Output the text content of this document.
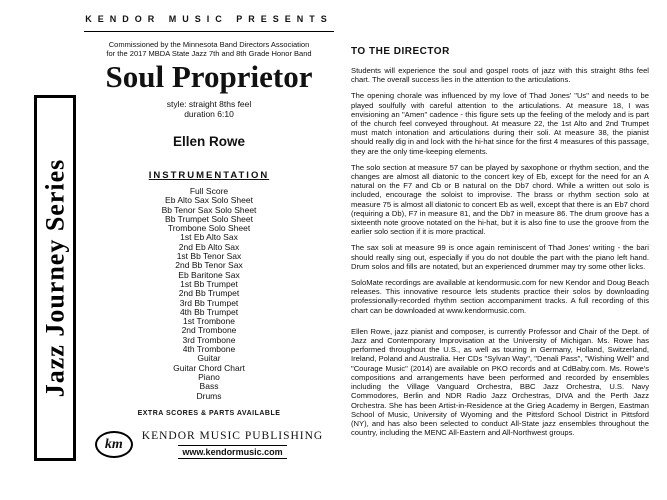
Jazz Journey Series
KENDOR MUSIC PRESENTS
Commissioned by the Minnesota Band Directors Association
for the 2017 MBDA State Jazz 7th and 8th Grade Honor Band
Soul Proprietor
style: straight 8ths feel
duration 6:10
Ellen Rowe
INSTRUMENTATION
Full Score
Eb Alto Sax Solo Sheet
Bb Tenor Sax Solo Sheet
Bb Trumpet Solo Sheet
Trombone Solo Sheet
1st Eb Alto Sax
2nd Eb Alto Sax
1st Bb Tenor Sax
2nd Bb Tenor Sax
Eb Baritone Sax
1st Bb Trumpet
2nd Bb Trumpet
3rd Bb Trumpet
4th Bb Trumpet
1st Trombone
2nd Trombone
3rd Trombone
4th Trombone
Guitar
Guitar Chord Chart
Piano
Bass
Drums
EXTRA SCORES & PARTS AVAILABLE
km
KENDOR MUSIC PUBLISHING
www.kendormusic.com
TO THE DIRECTOR

Students will experience the soul and gospel roots of jazz with this straight 8ths feel chart. The overall success lies in the attention to the articulations.

The opening chorale was influenced by my love of Thad Jones' "Us" and needs to be played soulfully with careful attention to the articulations. At measure 18, I was envisioning an "Amen" cadence - this figure sets up the feeling of the melody and is part of the church feel conveyed throughout. At measure 22, the 1st Alto and 2nd Trumpet must match intonation and articulations during their soli. At measure 38, the pianist should really dig in and lock with the hi-hat since for the first 4 measures of this passage, they are the only time-keeping elements.

The solo section at measure 57 can be played by saxophone or rhythm section, and the changes are almost all diatonic to the concert key of Eb, except for the need for an A natural on the F7 and Cb or B natural on the Db7 chord. While a written out solo is included, encourage the soloist to improvise. The brass or rhythm section solo at measure 75 is almost all diatonic to concert Eb as well, except that there is an Eb7 chord (requiring a Db), F7 in measure 81, and the Db7 in measure 86. The drum groove has a sixteenth note groove notated on the hi-hat, but it is also fine to use the groove from the earlier solo section if it is more practical.

The sax soli at measure 99 is once again reminiscent of Thad Jones' writing - the bari should really sing out, especially if you do not double the part with the piano left hand. Drum solos and fills are notated, but an experienced drummer may try some other licks.

SoloMate recordings are available at kendormusic.com for new Kendor and Doug Beach releases. This innovative resource lets students practice their solos by downloading professionally-recorded rhythm section accompaniment tracks. A full recording of this chart can be downloaded at www.kendormusic.com.

Ellen Rowe, jazz pianist and composer, is currently Professor and Chair of the Dept. of Jazz and Contemporary Improvisation at the University of Michigan. Ms. Rowe has performed throughout the U.S., as well as touring in Germany, Holland, Switzerland, Ireland, Poland and Australia. Her CDs "Sylvan Way", "Denali Pass", "Wishing Well" and "Courage Music" (2014) are available on PKO records and at CdBaby.com. Ms. Rowe's compositions and arrangements have been performed and recorded by ensembles including the Village Vanguard Orchestra, BBC Jazz Orchestra, U.S. Navy Commodores, Berlin and NDR Radio Jazz Orchestras, DIVA and the Perth Jazz Orchestra. She has been Artist-in-Residence at the Grieg Academy in Bergen, Eastman School of Music, University of Wyoming and the Pittsford School District in Pittsford (NY), and has also been selected to conduct All-State jazz ensembles throughout the country, including the MENC All-Eastern and All-Northwest groups.
